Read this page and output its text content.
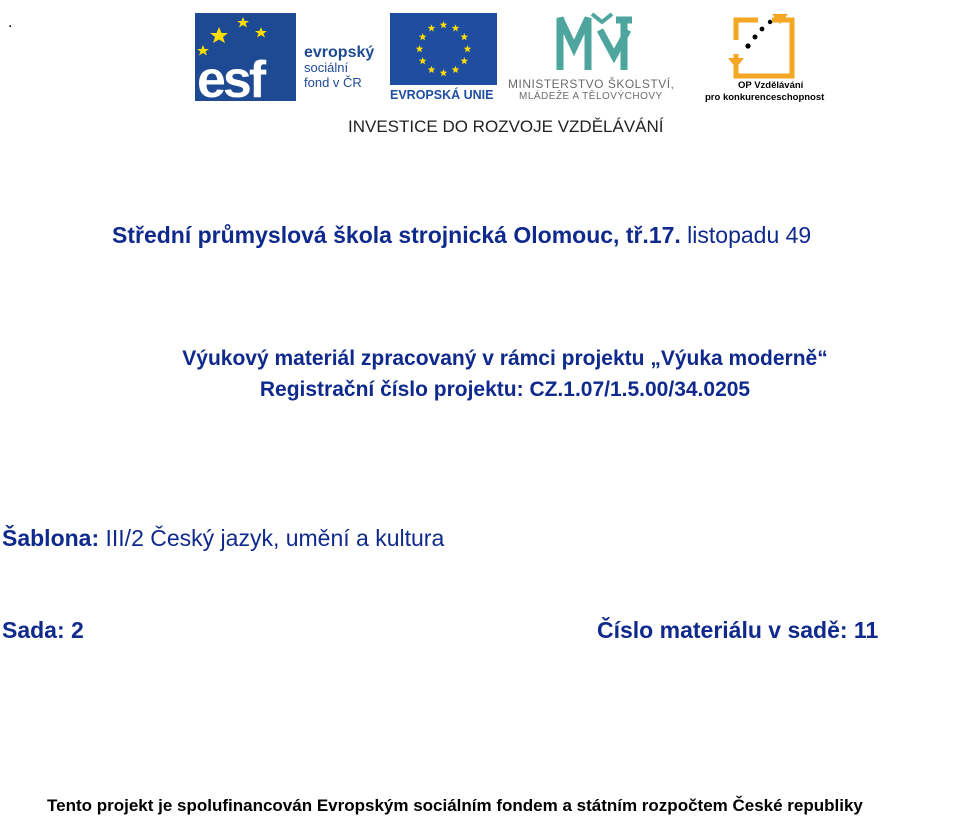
.
esf	evropský
sociální
fond v ČR
EVROPSKÁ UNIE
MINISTERSTVO ŠKOLSTVÍ,
MLÁDEŽE A TĚLOVÝCHOVY
OP Vzdělávání
pro konkurenceschopnost
INVESTICE DO ROZVOJE VZDĚLÁVÁNÍ
Střední průmyslová škola strojnická Olomouc, tř.17. listopadu 49
Výukový materiál zpracovaný v rámci projektu „Výuka moderně“
Registrační číslo projektu: CZ.1.07/1.5.00/34.0205
Šablona: III/2 Český jazyk, umění a kultura
Sada: 2	Číslo materiálu v sadě: 11
Tento projekt je spolufinancován Evropským sociálním fondem a státním rozpočtem České republiky
